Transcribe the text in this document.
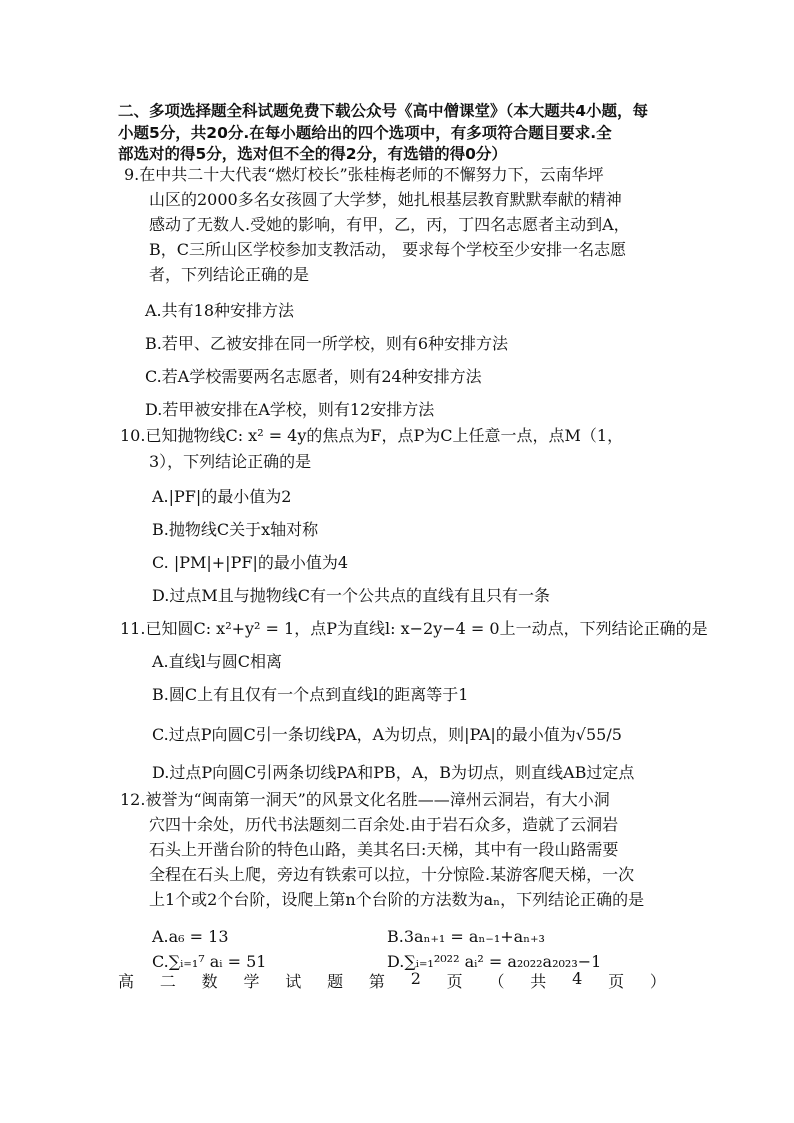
二、多项选择题全科试题免费下载公众号《高中僧课堂》（本大题共4小题，每
小题5分，共20分.在每小题给出的四个选项中，有多项符合题目要求.全
部选对的得5分，选对但不全的得2分，有选错的得0分）
9.在中共二十大代表“燃灯校长”张桂梅老师的不懈努力下，云南华坪
山区的2000多名女孩圆了大学梦，她扎根基层教育默默奉献的精神
感动了无数人.受她的影响，有甲，乙，丙，丁四名志愿者主动到A，
B，C三所山区学校参加支教活动， 要求每个学校至少安排一名志愿
者，下列结论正确的是
A.共有18种安排方法
B.若甲、乙被安排在同一所学校，则有6种安排方法
C.若A学校需要两名志愿者，则有24种安排方法
D.若甲被安排在A学校，则有12安排方法
10.已知抛物线C: x² = 4y的焦点为F，点P为C上任意一点，点M（1，
3），下列结论正确的是
A.|PF|的最小值为2
B.抛物线C关于x轴对称
C. |PM|+|PF|的最小值为4
D.过点M且与抛物线C有一个公共点的直线有且只有一条
11.已知圆C: x²+y² = 1，点P为直线l: x−2y−4 = 0上一动点，下列结论正确的是
A.直线l与圆C相离
B.圆C上有且仅有一个点到直线l的距离等于1
C.过点P向圆C引一条切线PA，A为切点，则|PA|的最小值为√55/5
D.过点P向圆C引两条切线PA和PB，A，B为切点，则直线AB过定点
12.被誉为“闽南第一洞天”的风景文化名胜——漳州云洞岩，有大小洞
穴四十余处，历代书法题刻二百余处.由于岩石众多，造就了云洞岩
石头上开凿台阶的特色山路，美其名曰:天梯，其中有一段山路需要
全程在石头上爬，旁边有铁索可以拉，十分惊险.某游客爬天梯，一次
上1个或2个台阶，设爬上第n个台阶的方法数为aₙ，下列结论正确的是
A.a₆ = 13	B.3aₙ₊₁ = aₙ₋₁+aₙ₊₃
C.∑ᵢ₌₁⁷ aᵢ = 51	D.∑ᵢ₌₁²⁰²² aᵢ² = a₂₀₂₂a₂₀₂₃−1
高 二 数 学 试 题 第 2 页 （ 共 4 页 ）
